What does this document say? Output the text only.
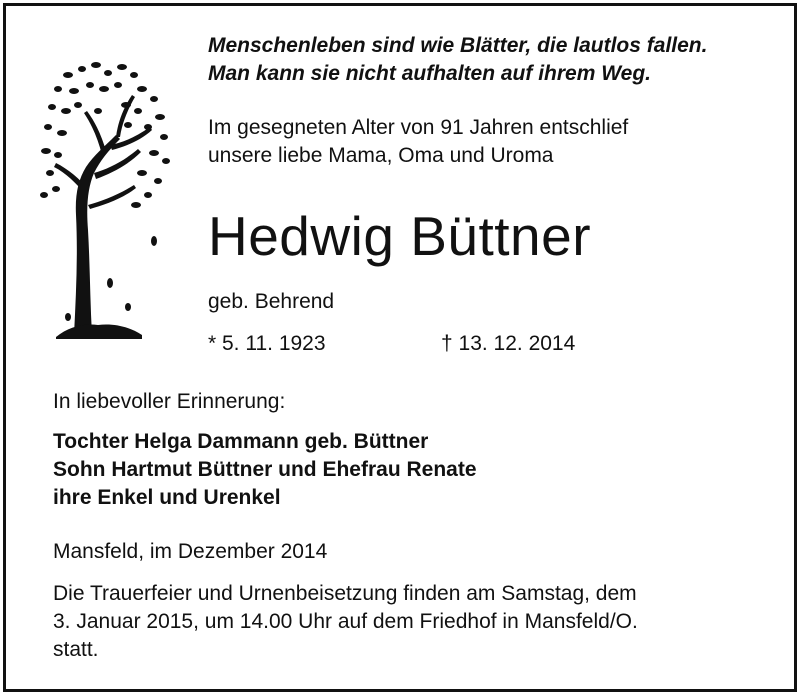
Menschenleben sind wie Blätter, die lautlos fallen.
Man kann sie nicht aufhalten auf ihrem Weg.
Im gesegneten Alter von 91 Jahren entschlief
unsere liebe Mama, Oma und Uroma
Hedwig Büttner
geb. Behrend
* 5. 11. 1923	† 13. 12. 2014
In liebevoller Erinnerung:
Tochter Helga Dammann geb. Büttner
Sohn Hartmut Büttner und Ehefrau Renate
ihre Enkel und Urenkel
Mansfeld, im Dezember 2014
Die Trauerfeier und Urnenbeisetzung finden am Samstag, dem
3. Januar 2015, um 14.00 Uhr auf dem Friedhof in Mansfeld/O.
statt.
